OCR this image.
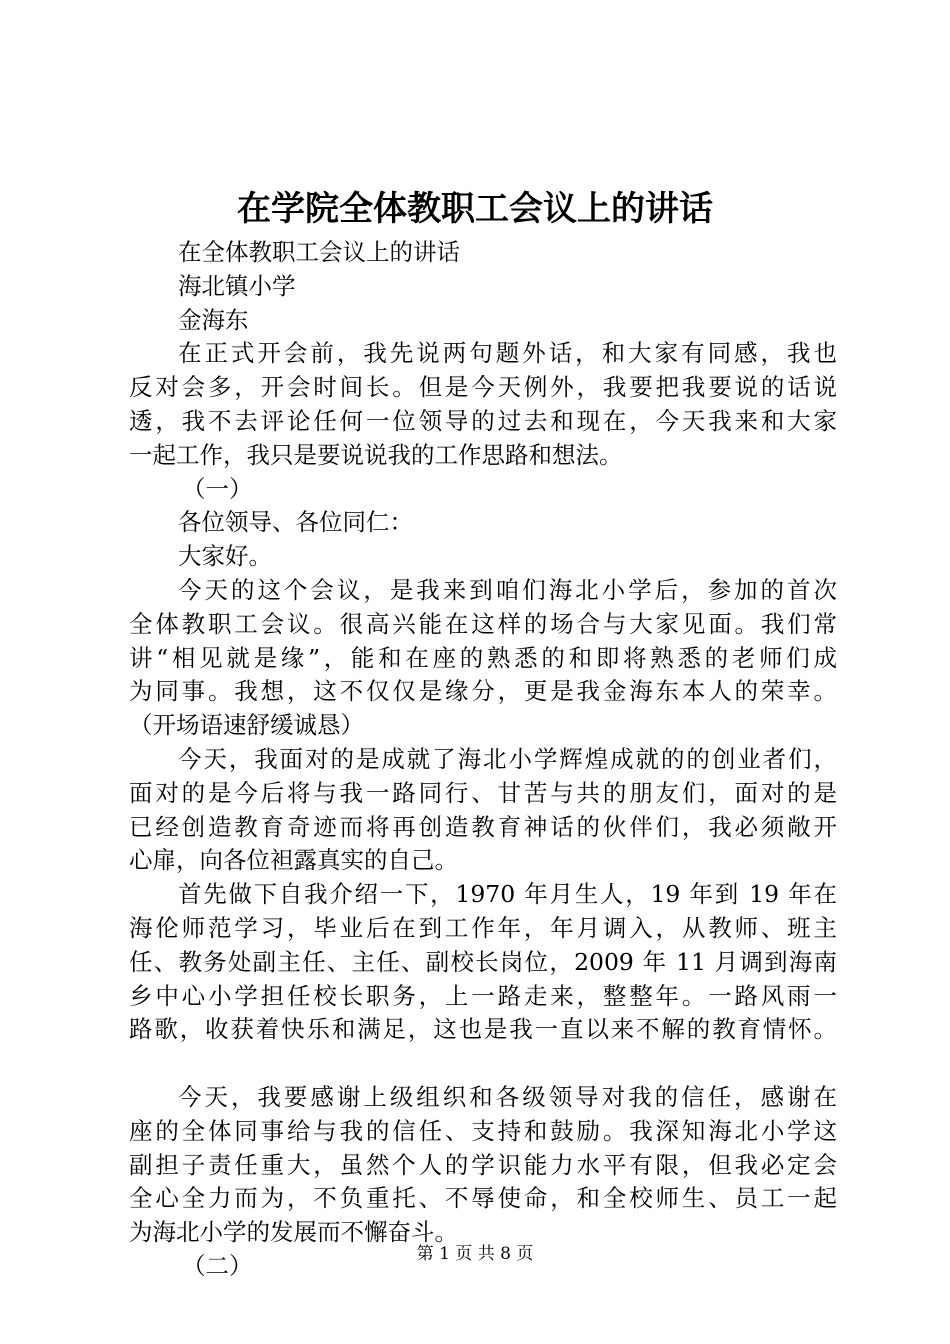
在学院全体教职工会议上的讲话
在全体教职工会议上的讲话
海北镇小学
金海东
在正式开会前，我先说两句题外话，和大家有同感，我也
反对会多，开会时间长。但是今天例外，我要把我要说的话说
透，我不去评论任何一位领导的过去和现在，今天我来和大家
一起工作，我只是要说说我的工作思路和想法。
（一）
各位领导、各位同仁：
大家好。
今天的这个会议，是我来到咱们海北小学后，参加的首次
全体教职工会议。很高兴能在这样的场合与大家见面。我们常
讲“相见就是缘”，能和在座的熟悉的和即将熟悉的老师们成
为同事。我想，这不仅仅是缘分，更是我金海东本人的荣幸。
（开场语速舒缓诚恳）
今天，我面对的是成就了海北小学辉煌成就的的创业者们，
面对的是今后将与我一路同行、甘苦与共的朋友们，面对的是
已经创造教育奇迹而将再创造教育神话的伙伴们，我必须敞开
心扉，向各位袒露真实的自己。
首先做下自我介绍一下，1970 年月生人，19 年到 19 年在
海伦师范学习，毕业后在到工作年，年月调入，从教师、班主
任、教务处副主任、主任、副校长岗位，2009 年 11 月调到海南
乡中心小学担任校长职务，上一路走来，整整年。一路风雨一
路歌，收获着快乐和满足，这也是我一直以来不解的教育情怀。
今天，我要感谢上级组织和各级领导对我的信任，感谢在
座的全体同事给与我的信任、支持和鼓励。我深知海北小学这
副担子责任重大，虽然个人的学识能力水平有限，但我必定会
全心全力而为，不负重托、不辱使命，和全校师生、员工一起
为海北小学的发展而不懈奋斗。
（二）	第 1 页 共 8 页
